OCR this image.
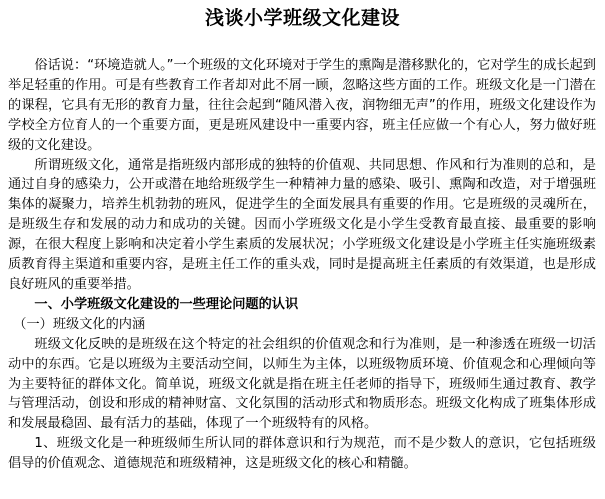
浅谈小学班级文化建设

俗话说：“环境造就人。”一个班级的文化环境对于学生的熏陶是潜移默化的，它对学生的成长起到举足轻重的作用。可是有些教育工作者却对此不屑一顾，忽略这些方面的工作。班级文化是一门潜在的课程，它具有无形的教育力量，往往会起到“随风潜入夜，润物细无声”的作用，班级文化建设作为学校全方位育人的一个重要方面，更是班风建设中一重要内容，班主任应做一个有心人，努力做好班级的文化建设。

所谓班级文化，通常是指班级内部形成的独特的价值观、共同思想、作风和行为准则的总和，是通过自身的感染力，公开或潜在地给班级学生一种精神力量的感染、吸引、熏陶和改造，对于增强班集体的凝聚力，培养生机勃勃的班风，促进学生的全面发展具有重要的作用。它是班级的灵魂所在，是班级生存和发展的动力和成功的关键。因而小学班级文化是小学生受教育最直接、最重要的影响源，在很大程度上影响和决定着小学生素质的发展状况；小学班级文化建设是小学班主任实施班级素质教育得主渠道和重要内容，是班主任工作的重头戏，同时是提高班主任素质的有效渠道，也是形成良好班风的重要举措。

一、小学班级文化建设的一些理论问题的认识

（一）班级文化的内涵

班级文化反映的是班级在这个特定的社会组织的价值观念和行为准则，是一种渗透在班级一切活动中的东西。它是以班级为主要活动空间，以师生为主体，以班级物质环境、价值观念和心理倾向等为主要特征的群体文化。简单说，班级文化就是指在班主任老师的指导下，班级师生通过教育、教学与管理活动，创设和形成的精神财富、文化氛围的活动形式和物质形态。班级文化构成了班集体形成和发展最稳固、最有活力的基础，体现了一个班级特有的风格。

1、班级文化是一种班级师生所认同的群体意识和行为规范，而不是少数人的意识，它包括班级倡导的价值观念、道德规范和班级精神，这是班级文化的核心和精髓。
